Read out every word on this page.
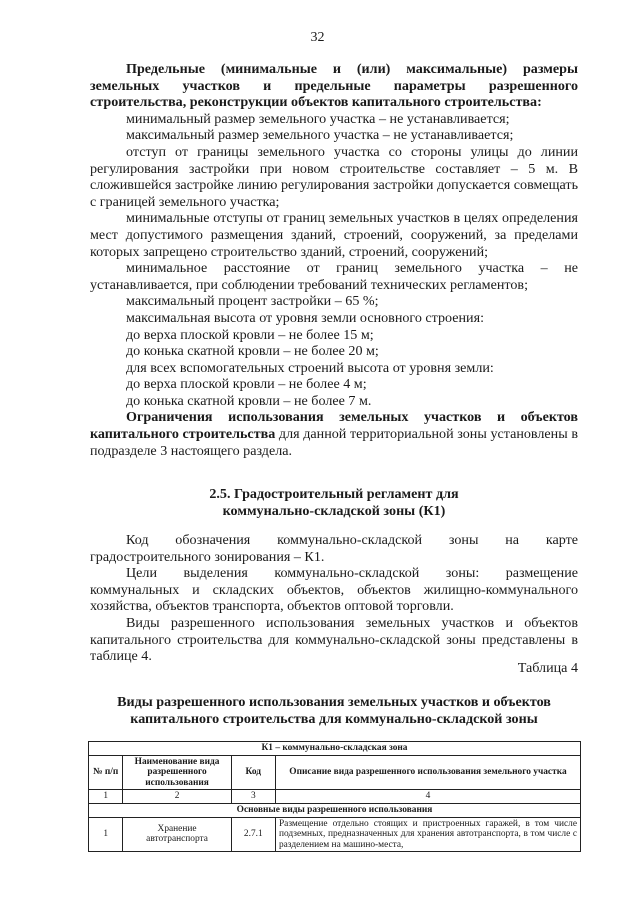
32

Предельные (минимальные и (или) максимальные) размеры земельных участков и предельные параметры разрешенного строительства, реконструкции объектов капитального строительства:

минимальный размер земельного участка – не устанавливается;

максимальный размер земельного участка – не устанавливается;

отступ от границы земельного участка со стороны улицы до линии регулирования застройки при новом строительстве составляет – 5 м. В сложившейся застройке линию регулирования застройки допускается совмещать с границей земельного участка;

минимальные отступы от границ земельных участков в целях определения мест допустимого размещения зданий, строений, сооружений, за пределами которых запрещено строительство зданий, строений, сооружений;

минимальное расстояние от границ земельного участка – не устанавливается, при соблюдении требований технических регламентов;

максимальный процент застройки – 65 %;

максимальная высота от уровня земли основного строения:

до верха плоской кровли – не более 15 м;

до конька скатной кровли – не более 20 м;

для всех вспомогательных строений высота от уровня земли:

до верха плоской кровли – не более 4 м;

до конька скатной кровли – не более 7 м.

Ограничения использования земельных участков и объектов капитального строительства для данной территориальной зоны установлены в подразделе 3 настоящего раздела.

2.5. Градостроительный регламент для

коммунально-складской зоны (К1)

Код обозначения коммунально-складской зоны на карте градостроительного зонирования – К1.

Цели выделения коммунально-складской зоны: размещение коммунальных и складских объектов, объектов жилищно-коммунального хозяйства, объектов транспорта, объектов оптовой торговли.

Виды разрешенного использования земельных участков и объектов капитального строительства для коммунально-складской зоны представлены в таблице 4.

Таблица 4

Виды разрешенного использования земельных участков и объектов

капитального строительства для коммунально-складской зоны

К1 – коммунально-складская зона			
№ п/п	Наименование вида разрешенного использования	Код	Описание вида разрешенного использования земельного участка
1	2	3	4
Основные виды разрешенного использования			
1	Хранение автотранспорта	2.7.1	Размещение отдельно стоящих и пристроенных гаражей, в том числе подземных, предназначенных для хранения автотранспорта, в том числе с разделением на машино-места,
